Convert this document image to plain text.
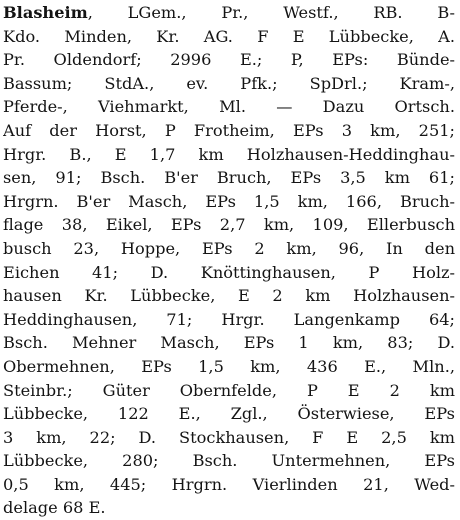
Blasheim, LGem., Pr., Westf., RB. B-
Kdo. Minden, Kr. AG. F E Lübbecke, A.
Pr. Oldendorf; 2996 E.; P, EPs: Bünde-
Bassum; StdA., ev. Pfk.; SpDrl.; Kram-,
Pferde-, Viehmarkt, Ml. — Dazu Ortsch.
Auf der Horst, P Frotheim, EPs 3 km, 251;
Hrgr. B., E 1,7 km Holzhausen-Heddinghau-
sen, 91; Bsch. B'er Bruch, EPs 3,5 km 61;
Hrgrn. B'er Masch, EPs 1,5 km, 166, Bruch-
flage 38, Eikel, EPs 2,7 km, 109, Ellerbusch
busch 23, Hoppe, EPs 2 km, 96, In den
Eichen 41; D. Knöttinghausen, P Holz-
hausen Kr. Lübbecke, E 2 km Holzhausen-
Heddinghausen, 71; Hrgr. Langenkamp 64;
Bsch. Mehner Masch, EPs 1 km, 83; D.
Obermehnen, EPs 1,5 km, 436 E., Mln.,
Steinbr.; Güter Obernfelde, P E 2 km
Lübbecke, 122 E., Zgl., Österwiese, EPs
3 km, 22; D. Stockhausen, F E 2,5 km
Lübbecke, 280; Bsch. Untermehnen, EPs
0,5 km, 445; Hrgrn. Vierlinden 21, Wed-
delage 68 E.
